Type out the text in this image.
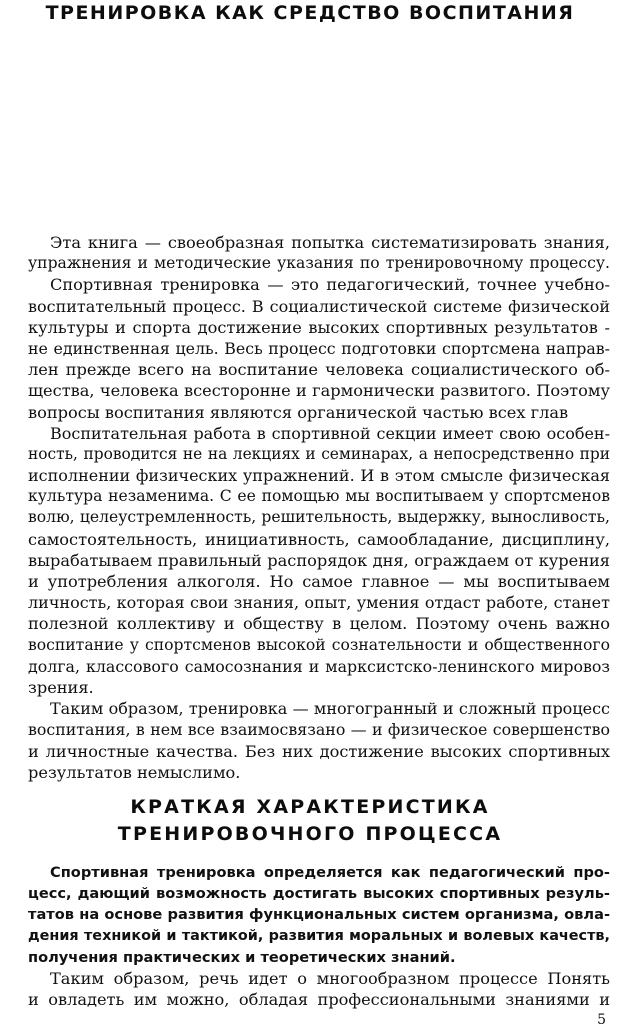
ТРЕНИРОВКА КАК СРЕДСТВО ВОСПИТАНИЯ
Эта книга — своеобразная попытка систематизировать знания,
упражнения и методические указания по тренировочному процессу.
Спортивная тренировка — это педагогический, точнее учебно-
воспитательный процесс. В социалистической системе физической
культуры и спорта достижение высоких спортивных результатов -
не единственная цель. Весь процесс подготовки спортсмена направ-
лен прежде всего на воспитание человека социалистического об-
щества, человека всесторонне и гармонически развитого. Поэтому
вопросы воспитания являются органической частью всех глав
Воспитательная работа в спортивной секции имеет свою особен-
ность, проводится не на лекциях и семинарах, а непосредственно при
исполнении физических упражнений. И в этом смысле физическая
культура незаменима. С ее помощью мы воспитываем у спортсменов
волю, целеустремленность, решительность, выдержку, выносливость,
самостоятельность, инициативность, самообладание, дисциплину,
вырабатываем правильный распорядок дня, ограждаем от курения
и употребления алкоголя. Но самое главное — мы воспитываем
личность, которая свои знания, опыт, умения отдаст работе, станет
полезной коллективу и обществу в целом. Поэтому очень важно
воспитание у спортсменов высокой сознательности и общественного
долга, классового самосознания и марксистско-ленинского мировоз
зрения.
Таким образом, тренировка — многогранный и сложный процесс
воспитания, в нем все взаимосвязано — и физическое совершенство
и личностные качества. Без них достижение высоких спортивных
результатов немыслимо.
КРАТКАЯ ХАРАКТЕРИСТИКА
ТРЕНИРОВОЧНОГО ПРОЦЕССА
Спортивная тренировка определяется как педагогический про-
цесс, дающий возможность достигать высоких спортивных резуль-
татов на основе развития функциональных систем организма, овла-
дения техникой и тактикой, развития моральных и волевых качеств,
получения практических и теоретических знаний.
Таким образом, речь идет о многообразном процессе Понять
и овладеть им можно, обладая профессиональными знаниями и

5
